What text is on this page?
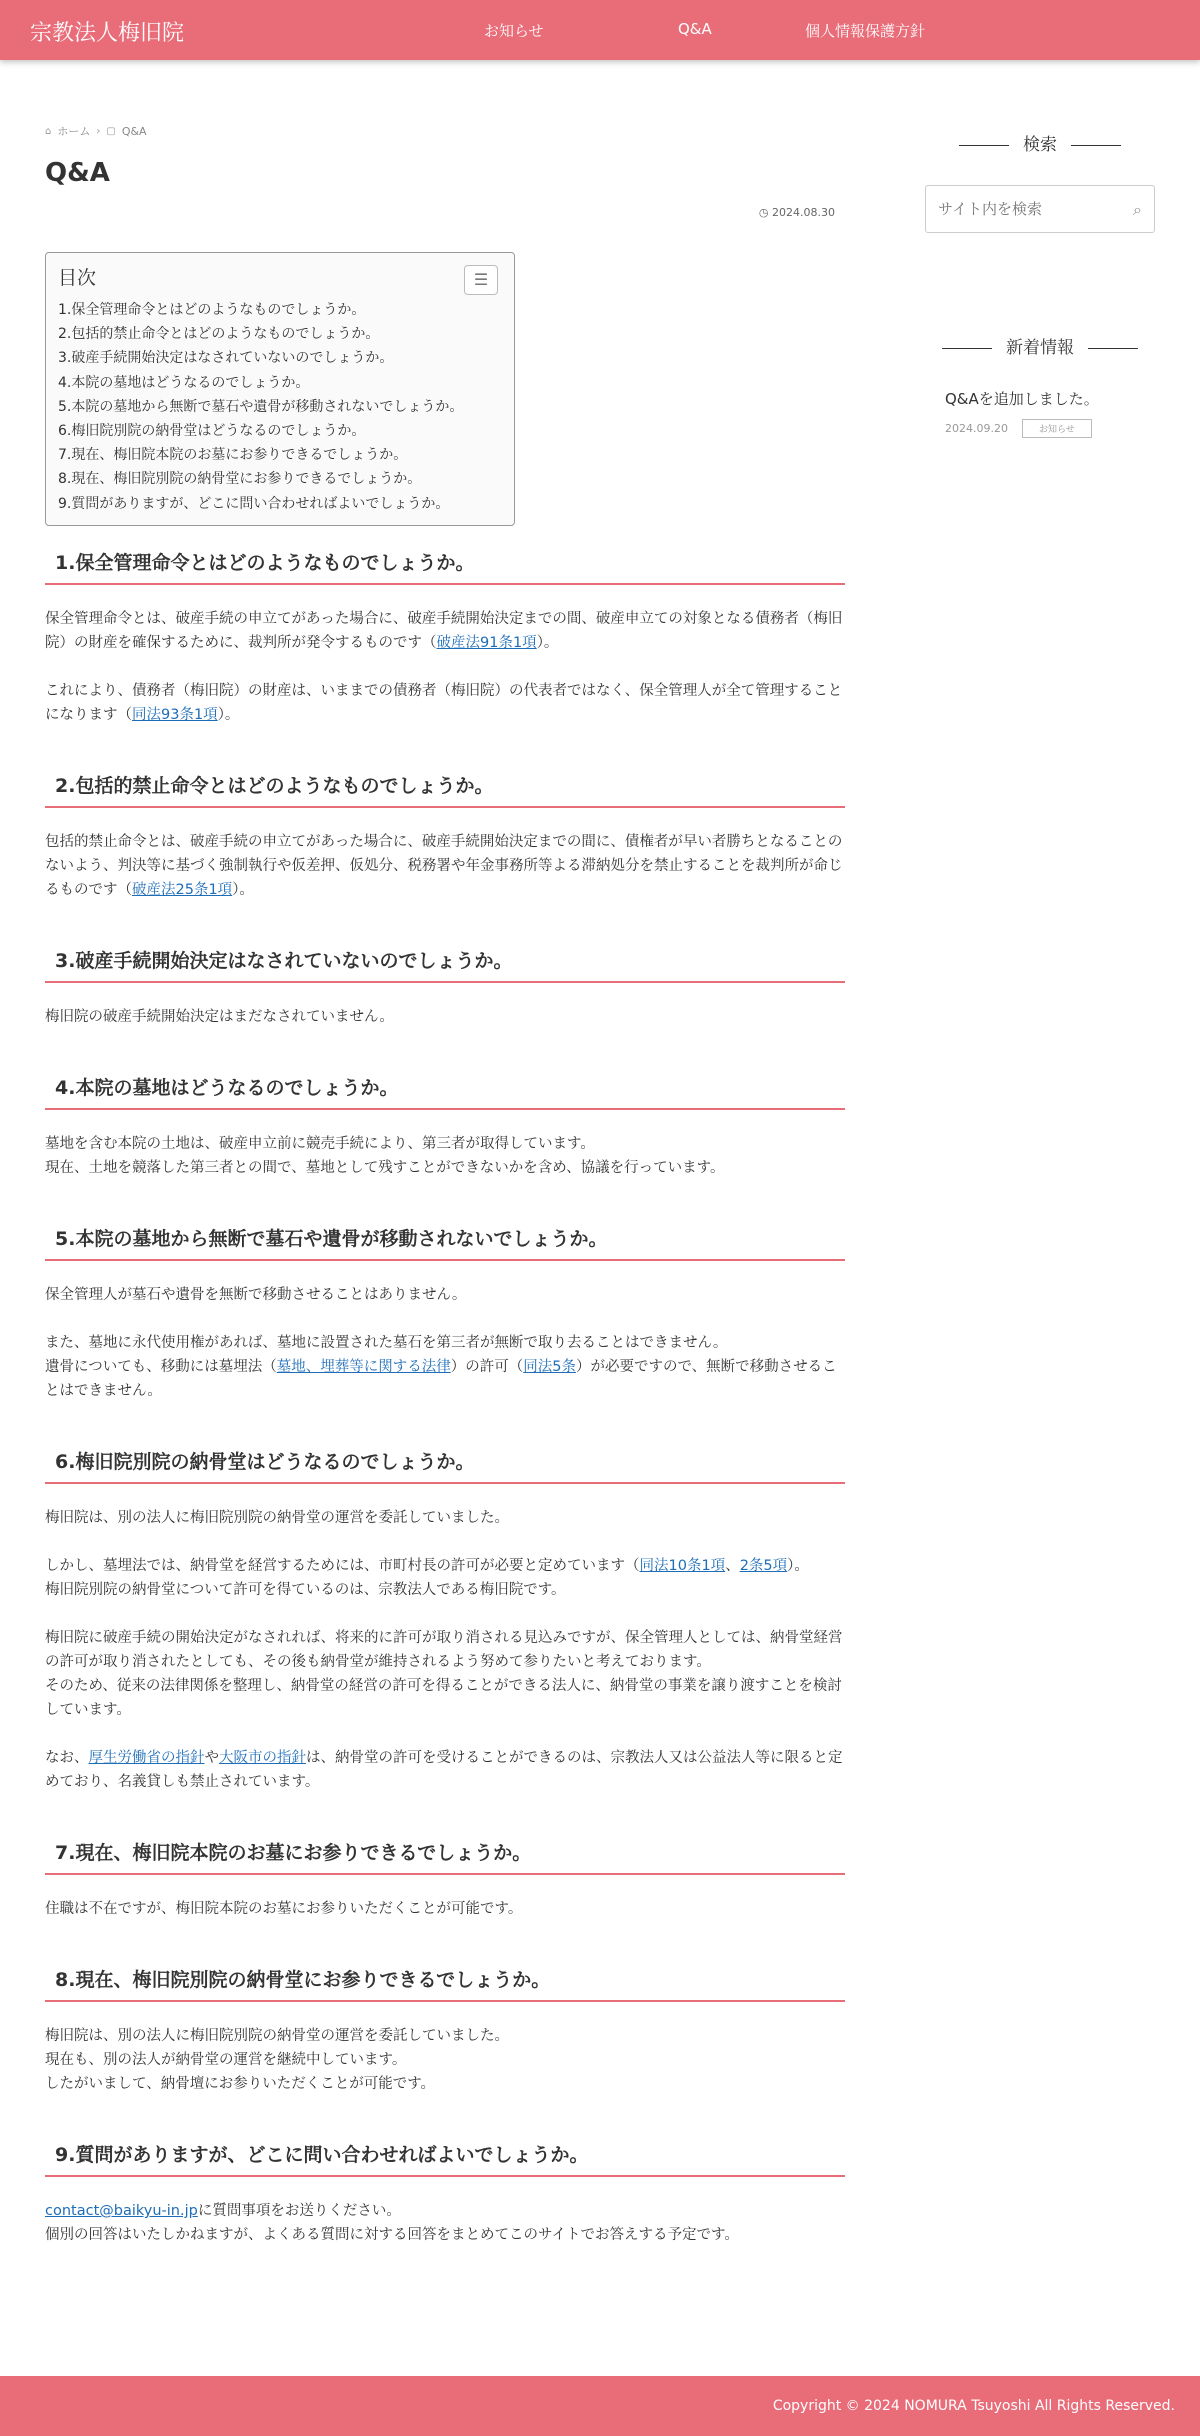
宗教法人梅旧院	お知らせ	Q&A	個人情報保護方針
⌂ ホーム › ▢ Q&A
Q&A
◷ 2024.08.30
目次	☰
1.保全管理命令とはどのようなものでしょうか。
2.包括的禁止命令とはどのようなものでしょうか。
3.破産手続開始決定はなされていないのでしょうか。
4.本院の墓地はどうなるのでしょうか。
5.本院の墓地から無断で墓石や遺骨が移動されないでしょうか。
6.梅旧院別院の納骨堂はどうなるのでしょうか。
7.現在、梅旧院本院のお墓にお参りできるでしょうか。
8.現在、梅旧院別院の納骨堂にお参りできるでしょうか。
9.質問がありますが、どこに問い合わせればよいでしょうか。
1.保全管理命令とはどのようなものでしょうか。

保全管理命令とは、破産手続の申立てがあった場合に、破産手続開始決定までの間、破産申立ての対象となる債務者（梅旧院）の財産を確保するために、裁判所が発令するものです（破産法91条1項）。

これにより、債務者（梅旧院）の財産は、いままでの債務者（梅旧院）の代表者ではなく、保全管理人が全て管理することになります（同法93条1項）。

2.包括的禁止命令とはどのようなものでしょうか。

包括的禁止命令とは、破産手続の申立てがあった場合に、破産手続開始決定までの間に、債権者が早い者勝ちとなることのないよう、判決等に基づく強制執行や仮差押、仮処分、税務署や年金事務所等よる滞納処分を禁止することを裁判所が命じるものです（破産法25条1項）。

3.破産手続開始決定はなされていないのでしょうか。

梅旧院の破産手続開始決定はまだなされていません。

4.本院の墓地はどうなるのでしょうか。

墓地を含む本院の土地は、破産申立前に競売手続により、第三者が取得しています。

現在、土地を競落した第三者との間で、墓地として残すことができないかを含め、協議を行っています。

5.本院の墓地から無断で墓石や遺骨が移動されないでしょうか。

保全管理人が墓石や遺骨を無断で移動させることはありません。

また、墓地に永代使用権があれば、墓地に設置された墓石を第三者が無断で取り去ることはできません。

遺骨についても、移動には墓埋法（墓地、埋葬等に関する法律）の許可（同法5条）が必要ですので、無断で移動させることはできません。

6.梅旧院別院の納骨堂はどうなるのでしょうか。

梅旧院は、別の法人に梅旧院別院の納骨堂の運営を委託していました。

しかし、墓埋法では、納骨堂を経営するためには、市町村長の許可が必要と定めています（同法10条1項、2条5項）。

梅旧院別院の納骨堂について許可を得ているのは、宗教法人である梅旧院です。

梅旧院に破産手続の開始決定がなされれば、将来的に許可が取り消される見込みですが、保全管理人としては、納骨堂経営の許可が取り消されたとしても、その後も納骨堂が維持されるよう努めて参りたいと考えております。

そのため、従来の法律関係を整理し、納骨堂の経営の許可を得ることができる法人に、納骨堂の事業を譲り渡すことを検討しています。

なお、厚生労働省の指針や大阪市の指針は、納骨堂の許可を受けることができるのは、宗教法人又は公益法人等に限ると定めており、名義貸しも禁止されています。

7.現在、梅旧院本院のお墓にお参りできるでしょうか。

住職は不在ですが、梅旧院本院のお墓にお参りいただくことが可能です。

8.現在、梅旧院別院の納骨堂にお参りできるでしょうか。

梅旧院は、別の法人に梅旧院別院の納骨堂の運営を委託していました。

現在も、別の法人が納骨堂の運営を継続中しています。

したがいまして、納骨壇にお参りいただくことが可能です。

9.質問がありますが、どこに問い合わせればよいでしょうか。

contact@baikyu-in.jpに質問事項をお送りください。

個別の回答はいたしかねますが、よくある質問に対する回答をまとめてこのサイトでお答えする予定です。

検索
サイト内を検索
⌕
新着情報
Q&Aを追加しました。
2024.09.20	お知らせ
Copyright © 2024 NOMURA Tsuyoshi All Rights Reserved.
